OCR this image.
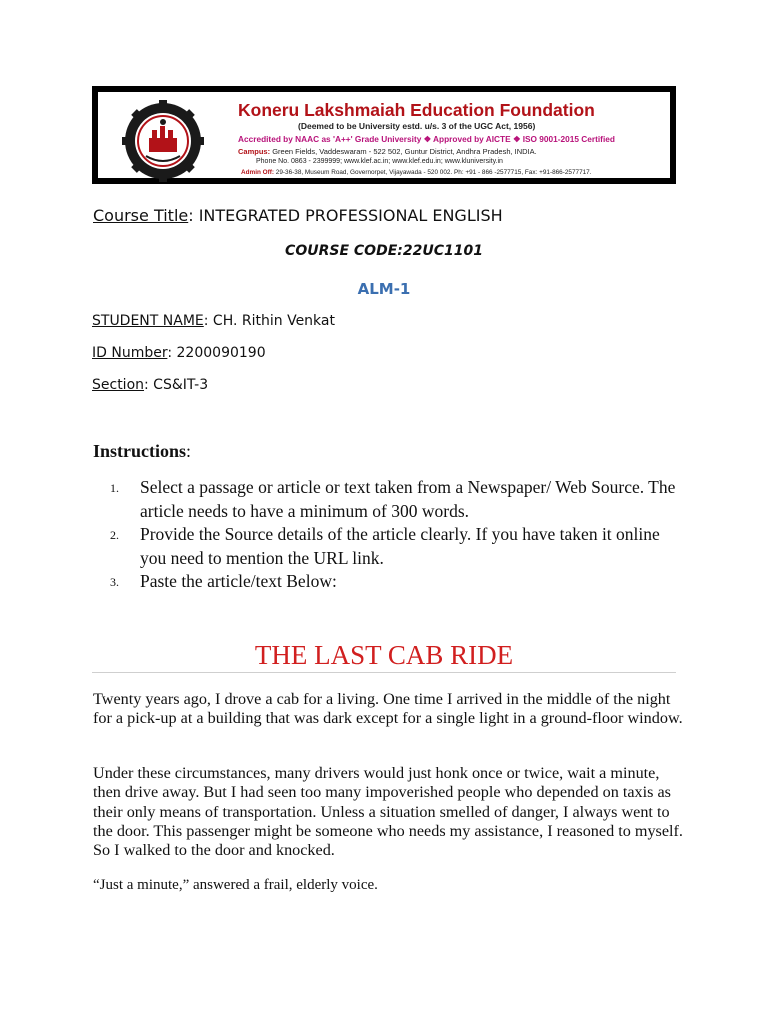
Koneru Lakshmaiah Education Foundation
(Deemed to be University estd. u/s. 3 of the UGC Act, 1956)
Accredited by NAAC as 'A++' Grade University ❖ Approved by AICTE ❖ ISO 9001-2015 Certified
Campus: Green Fields, Vaddeswaram - 522 502, Guntur District, Andhra Pradesh, INDIA.
Phone No. 0863 - 2399999; www.klef.ac.in; www.klef.edu.in; www.kluniversity.in
Admin Off: 29-36-38, Museum Road, Governorpet, Vijayawada - 520 002. Ph: +91 - 866 -2577715, Fax: +91-866-2577717.
Course Title: INTEGRATED PROFESSIONAL ENGLISH
COURSE CODE:22UC1101
ALM-1
STUDENT NAME: CH. Rithin Venkat
ID Number: 2200090190
Section: CS&IT-3
Instructions:
1. Select a passage or article or text taken from a Newspaper/ Web Source. The article needs to have a minimum of 300 words.
2. Provide the Source details of the article clearly. If you have taken it online you need to mention the URL link.
3. Paste the article/text Below:
THE LAST CAB RIDE

Twenty years ago, I drove a cab for a living. One time I arrived in the middle of the night for a pick-up at a building that was dark except for a single light in a ground-floor window.

Under these circumstances, many drivers would just honk once or twice, wait a minute, then drive away. But I had seen too many impoverished people who depended on taxis as their only means of transportation. Unless a situation smelled of danger, I always went to the door. This passenger might be someone who needs my assistance, I reasoned to myself. So I walked to the door and knocked.

“Just a minute,” answered a frail, elderly voice.
